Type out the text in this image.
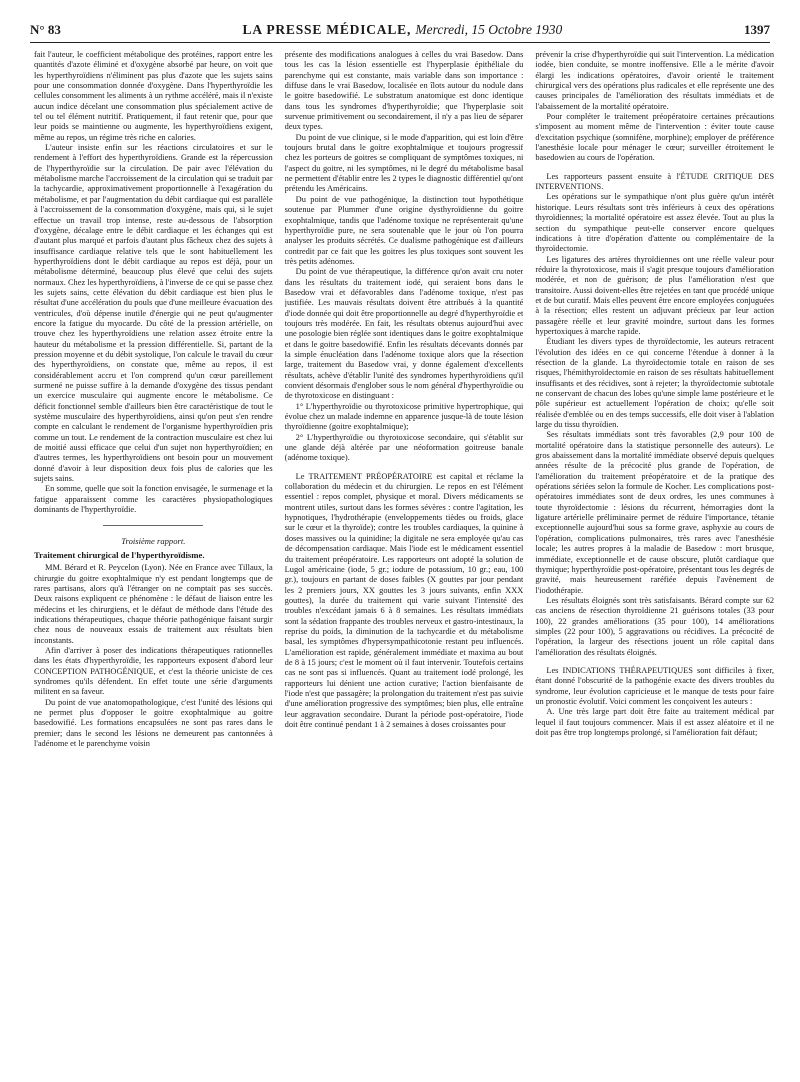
N° 83	LA PRESSE MÉDICALE, Mercredi, 15 Octobre 1930	1397

fait l'auteur, le coefficient métabolique des protéines, rapport entre les quantités d'azote éliminé et d'oxygène absorbé par heure, on voit que les hyperthyroïdiens n'éliminent pas plus d'azote que les sujets sains pour une consommation donnée d'oxygène. Dans l'hyperthyroïdie les cellules consomment les aliments à un rythme accéléré, mais il n'existe aucun indice décelant une consommation plus spécialement active de tel ou tel élément nutritif. Pratiquement, il faut retenir que, pour que leur poids se maintienne ou augmente, les hyperthyroïdiens exigent, même au repos, un régime très riche en calories.

L'auteur insiste enfin sur les réactions circulatoires et sur le rendement à l'effort des hyperthyroïdiens. Grande est la répercussion de l'hyperthyroïdie sur la circulation. De pair avec l'élévation du métabolisme marche l'accroissement de la circulation qui se traduit par la tachycardie, approximativement proportionnelle à l'exagération du métabolisme, et par l'augmentation du débit cardiaque qui est parallèle à l'accroissement de la consommation d'oxygène, mais qui, si le sujet effectue un travail trop intense, reste au-dessous de l'absorption d'oxygène, décalage entre le débit cardiaque et les échanges qui est d'autant plus marqué et parfois d'autant plus fâcheux chez des sujets à insuffisance cardiaque relative tels que le sont habituellement les hyperthyroïdiens dont le débit cardiaque au repos est déjà, pour un métabolisme déterminé, beaucoup plus élevé que celui des sujets normaux. Chez les hyperthyroïdiens, à l'inverse de ce qui se passe chez les sujets sains, cette élévation du débit cardiaque est bien plus le résultat d'une accélération du pouls que d'une meilleure évacuation des ventricules, d'où dépense inutile d'énergie qui ne peut qu'augmenter encore la fatigue du myocarde. Du côté de la pression artérielle, on trouve chez les hyperthyroïdiens une relation assez étroite entre la hauteur du métabolisme et la pression différentielle. Si, partant de la pression moyenne et du débit systolique, l'on calcule le travail du cœur des hyperthyroïdiens, on constate que, même au repos, il est considérablement accru et l'on comprend qu'un cœur pareillement surmené ne puisse suffire à la demande d'oxygène des tissus pendant un exercice musculaire qui augmente encore le métabolisme. Ce déficit fonctionnel semble d'ailleurs bien être caractéristique de tout le système musculaire des hyperthyroïdiens, ainsi qu'on peut s'en rendre compte en calculant le rendement de l'organisme hyperthyroïdien pris comme un tout. Le rendement de la contraction musculaire est chez lui de moitié aussi efficace que celui d'un sujet non hyperthyroïdien; en d'autres termes, les hyperthyroïdiens ont besoin pour un mouvement donné d'avoir à leur disposition deux fois plus de calories que les sujets sains.

En somme, quelle que soit la fonction envisagée, le surmenage et la fatigue apparaissent comme les caractères physiopathologiques dominants de l'hyperthyroïdie.

Troisième rapport.

Traitement chirurgical de l'hyperthyroïdisme.

MM. Bérard et R. Peycelon (Lyon). Née en France avec Tillaux, la chirurgie du goitre exophtalmique n'y est pendant longtemps que de rares partisans, alors qu'à l'étranger on ne comptait pas ses succès. Deux raisons expliquent ce phénomène : le défaut de liaison entre les médecins et les chirurgiens, et le défaut de méthode dans l'étude des indications thérapeutiques, chaque théorie pathogénique faisant surgir chez nous de nouveaux essais de traitement aux résultats bien inconstants.

Afin d'arriver à poser des indications thérapeutiques rationnelles dans les états d'hyperthyroïdie, les rapporteurs exposent d'abord leur CONCEPTION PATHOGÉNIQUE, et c'est la théorie uniciste de ces syndromes qu'ils défendent. En effet toute une série d'arguments militent en sa faveur.

Du point de vue anatomopathologique, c'est l'unité des lésions qui ne permet plus d'opposer le goitre exophtalmique au goitre basedowifié. Les formations encapsulées ne sont pas rares dans le premier; dans le second les lésions ne demeurent pas cantonnées à l'adénome et le parenchyme voisin

présente des modifications analogues à celles du vrai Basedow. Dans tous les cas la lésion essentielle est l'hyperplasie épithéliale du parenchyme qui est constante, mais variable dans son importance : diffuse dans le vrai Basedow, localisée en îlots autour du nodule dans le goitre basedowifié. Le substratum anatomique est donc identique dans tous les syndromes d'hyperthyroïdie; que l'hyperplasie soit survenue primitivement ou secondairement, il n'y a pas lieu de séparer deux types.

Du point de vue clinique, si le mode d'apparition, qui est loin d'être toujours brutal dans le goitre exophtalmique et toujours progressif chez les porteurs de goitres se compliquant de symptômes toxiques, ni l'aspect du goitre, ni les symptômes, ni le degré du métabolisme basal ne permettent d'établir entre les 2 types le diagnostic différentiel qu'ont prétendu les Américains.

Du point de vue pathogénique, la distinction tout hypothétique soutenue par Plummer d'une origine dysthyroïdienne du goitre exophtalmique, tandis que l'adénome toxique ne représenterait qu'une hyperthyroïdie pure, ne sera soutenable que le jour où l'on pourra analyser les produits sécrétés. Ce dualisme pathogénique est d'ailleurs contredit par ce fait que les goitres les plus toxiques sont souvent les très petits adénomes.

Du point de vue thérapeutique, la différence qu'on avait cru noter dans les résultats du traitement iodé, qui seraient bons dans le Basedow vrai et défavorables dans l'adénome toxique, n'est pas justifiée. Les mauvais résultats doivent être attribués à la quantité d'iode donnée qui doit être proportionnelle au degré d'hyperthyroïdie et toujours très modérée. En fait, les résultats obtenus aujourd'hui avec une posologie bien réglée sont identiques dans le goitre exophtalmique et dans le goitre basedowifié. Enfin les résultats décevants donnés par la simple énucléation dans l'adénome toxique alors que la résection large, traitement du Basedow vrai, y donne également d'excellents résultats, achève d'établir l'unité des syndromes hyperthyroïdiens qu'il convient désormais d'englober sous le nom général d'hyperthyroïdie ou de thyrotoxicose en distinguant :

1° L'hyperthyroïdie ou thyrotoxicose primitive hypertrophique, qui évolue chez un malade indemne en apparence jusque-là de toute lésion thyroïdienne (goitre exophtalmique);

2° L'hyperthyroïdie ou thyrotoxicose secondaire, qui s'établit sur une glande déjà altérée par une néoformation goitreuse banale (adénome toxique).

Le TRAITEMENT PRÉOPÉRATOIRE est capital et réclame la collaboration du médecin et du chirurgien. Le repos en est l'élément essentiel : repos complet, physique et moral. Divers médicaments se montrent utiles, surtout dans les formes sévères : contre l'agitation, les hypnotiques, l'hydrothérapie (enveloppements tièdes ou froids, glace sur le cœur et la thyroïde); contre les troubles cardiaques, la quinine à doses massives ou la quinidine; la digitale ne sera employée qu'au cas de décompensation cardiaque. Mais l'iode est le médicament essentiel du traitement préopératoire. Les rapporteurs ont adopté la solution de Lugol américaine (iode, 5 gr.; iodure de potassium, 10 gr.; eau, 100 gr.), toujours en partant de doses faibles (X gouttes par jour pendant les 2 premiers jours, XX gouttes les 3 jours suivants, enfin XXX gouttes), la durée du traitement qui varie suivant l'intensité des troubles n'excédant jamais 6 à 8 semaines. Les résultats immédiats sont la sédation frappante des troubles nerveux et gastro-intestinaux, la reprise du poids, la diminution de la tachycardie et du métabolisme basal, les symptômes d'hypersympathicotonie restant peu influencés. L'amélioration est rapide, généralement immédiate et maxima au bout de 8 à 15 jours; c'est le moment où il faut intervenir. Toutefois certains cas ne sont pas si influencés. Quant au traitement iodé prolongé, les rapporteurs lui dénient une action curative; l'action bienfaisante de l'iode n'est que passagère; la prolongation du traitement n'est pas suivie d'une amélioration progressive des symptômes; bien plus, elle entraîne leur aggravation secondaire. Durant la période post-opératoire, l'iode doit être continué pendant 1 à 2 semaines à doses croissantes pour

prévenir la crise d'hyperthyroïdie qui suit l'intervention. La médication iodée, bien conduite, se montre inoffensive. Elle a le mérite d'avoir élargi les indications opératoires, d'avoir orienté le traitement chirurgical vers des opérations plus radicales et elle représente une des causes principales de l'amélioration des résultats immédiats et de l'abaissement de la mortalité opératoire.

Pour compléter le traitement préopératoire certaines précautions s'imposent au moment même de l'intervention : éviter toute cause d'excitation psychique (somnifène, morphine); employer de préférence l'anesthésie locale pour ménager le cœur; surveiller étroitement le basedowien au cours de l'opération.

Les rapporteurs passent ensuite à l'ÉTUDE CRITIQUE DES INTERVENTIONS.

Les opérations sur le sympathique n'ont plus guère qu'un intérêt historique. Leurs résultats sont très inférieurs à ceux des opérations thyroïdiennes; la mortalité opératoire est assez élevée. Tout au plus la section du sympathique peut-elle conserver encore quelques indications à titre d'opération d'attente ou complémentaire de la thyroïdectomie.

Les ligatures des artères thyroïdiennes ont une réelle valeur pour réduire la thyrotoxicose, mais il s'agit presque toujours d'amélioration modérée, et non de guérison; de plus l'amélioration n'est que transitoire. Aussi doivent-elles être rejetées en tant que procédé unique et de but curatif. Mais elles peuvent être encore employées conjuguées à la résection; elles restent un adjuvant précieux par leur action passagère réelle et leur gravité moindre, surtout dans les formes hypertoxiques à marche rapide.

Étudiant les divers types de thyroïdectomie, les auteurs retracent l'évolution des idées en ce qui concerne l'étendue à donner à la résection de la glande. La thyroïdectomie totale en raison de ses risques, l'hémithyroïdectomie en raison de ses résultats habituellement insuffisants et des récidives, sont à rejeter; la thyroïdectomie subtotale ne conservant de chacun des lobes qu'une simple lame postérieure et le pôle supérieur est actuellement l'opération de choix; qu'elle soit réalisée d'emblée ou en des temps successifs, elle doit viser à l'ablation large du tissu thyroïdien.

Ses résultats immédiats sont très favorables (2,9 pour 100 de mortalité opératoire dans la statistique personnelle des auteurs). Le gros abaissement dans la mortalité immédiate observé depuis quelques années résulte de la précocité plus grande de l'opération, de l'amélioration du traitement préopératoire et de la pratique des opérations sériées selon la formule de Kocher. Les complications post-opératoires immédiates sont de deux ordres, les unes communes à toute thyroïdectomie : lésions du récurrent, hémorragies dont la ligature artérielle préliminaire permet de réduire l'importance, tétanie exceptionnelle aujourd'hui sous sa forme grave, asphyxie au cours de l'opération, complications pulmonaires, très rares avec l'anesthésie locale; les autres propres à la maladie de Basedow : mort brusque, immédiate, exceptionnelle et de cause obscure, plutôt cardiaque que thymique; hyperthyroïdie post-opératoire, présentant tous les degrés de gravité, mais heureusement raréfiée depuis l'avènement de l'iodothérapie.

Les résultats éloignés sont très satisfaisants. Bérard compte sur 62 cas anciens de résection thyroïdienne 21 guérisons totales (33 pour 100), 22 grandes améliorations (35 pour 100), 14 améliorations simples (22 pour 100), 5 aggravations ou récidives. La précocité de l'opération, la largeur des résections jouent un rôle capital dans l'amélioration des résultats éloignés.

Les INDICATIONS THÉRAPEUTIQUES sont difficiles à fixer, étant donné l'obscurité de la pathogénie exacte des divers troubles du syndrome, leur évolution capricieuse et le manque de tests pour faire un pronostic évolutif. Voici comment les conçoivent les auteurs :

A. Une très large part doit être faite au traitement médical par lequel il faut toujours commencer. Mais il est assez aléatoire et il ne doit pas être trop longtemps prolongé, si l'amélioration fait défaut;
